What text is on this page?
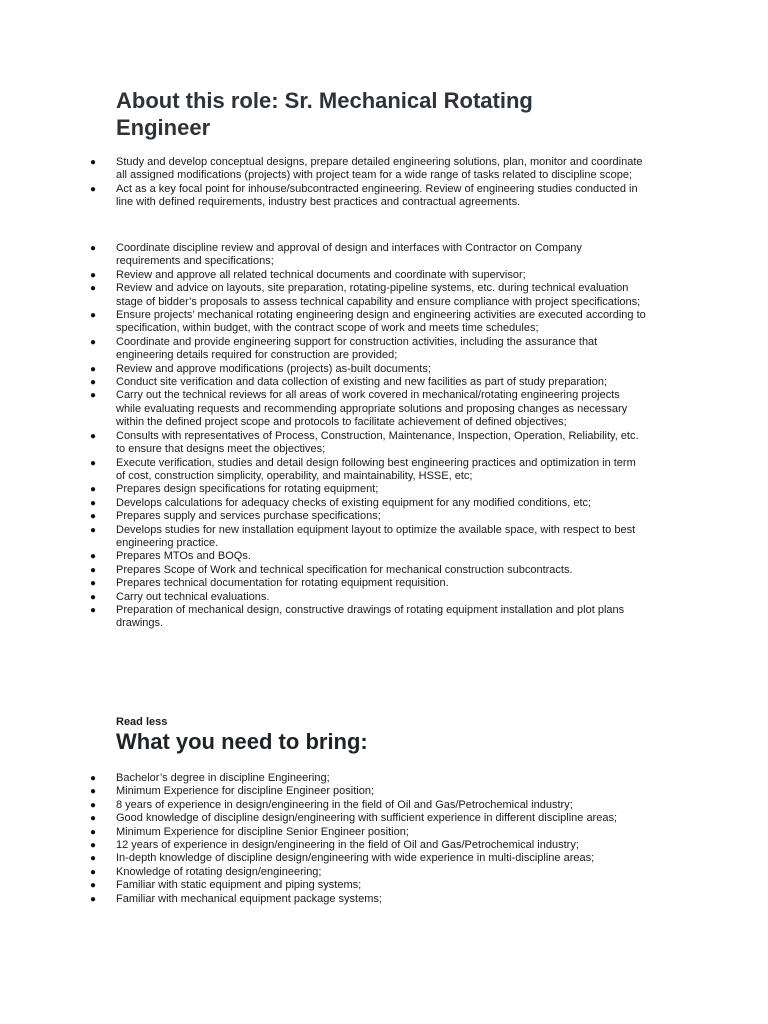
About this role: Sr. Mechanical Rotating Engineer
● Study and develop conceptual designs, prepare detailed engineering solutions, plan, monitor and coordinate all assigned modifications (projects) with project team for a wide range of tasks related to discipline scope;
● Act as a key focal point for inhouse/subcontracted engineering. Review of engineering studies conducted in line with defined requirements, industry best practices and contractual agreements.
● Coordinate discipline review and approval of design and interfaces with Contractor on Company requirements and specifications;
● Review and approve all related technical documents and coordinate with supervisor;
● Review and advice on layouts, site preparation, rotating-pipeline systems, etc. during technical evaluation stage of bidder’s proposals to assess technical capability and ensure compliance with project specifications;
● Ensure projects’ mechanical rotating engineering design and engineering activities are executed according to specification, within budget, with the contract scope of work and meets time schedules;
● Coordinate and provide engineering support for construction activities, including the assurance that engineering details required for construction are provided;
● Review and approve modifications (projects) as-built documents;
● Conduct site verification and data collection of existing and new facilities as part of study preparation;
● Carry out the technical reviews for all areas of work covered in mechanical/rotating engineering projects while evaluating requests and recommending appropriate solutions and proposing changes as necessary within the defined project scope and protocols to facilitate achievement of defined objectives;
● Consults with representatives of Process, Construction, Maintenance, Inspection, Operation, Reliability, etc. to ensure that designs meet the objectives;
● Execute verification, studies and detail design following best engineering practices and optimization in term of cost, construction simplicity, operability, and maintainability, HSSE, etc;
● Prepares design specifications for rotating equipment;
● Develops calculations for adequacy checks of existing equipment for any modified conditions, etc;
● Prepares supply and services purchase specifications;
● Develops studies for new installation equipment layout to optimize the available space, with respect to best engineering practice.
● Prepares MTOs and BOQs.
● Prepares Scope of Work and technical specification for mechanical construction subcontracts.
● Prepares technical documentation for rotating equipment requisition.
● Carry out technical evaluations.
● Preparation of mechanical design, constructive drawings of rotating equipment installation and plot plans drawings.

Read less

What you need to bring:
● Bachelor’s degree in discipline Engineering;
● Minimum Experience for discipline Engineer position;
● 8 years of experience in design/engineering in the field of Oil and Gas/Petrochemical industry;
● Good knowledge of discipline design/engineering with sufficient experience in different discipline areas;
● Minimum Experience for discipline Senior Engineer position;
● 12 years of experience in design/engineering in the field of Oil and Gas/Petrochemical industry;
● In-depth knowledge of discipline design/engineering with wide experience in multi-discipline areas;
● Knowledge of rotating design/engineering;
● Familiar with static equipment and piping systems;
● Familiar with mechanical equipment package systems;
